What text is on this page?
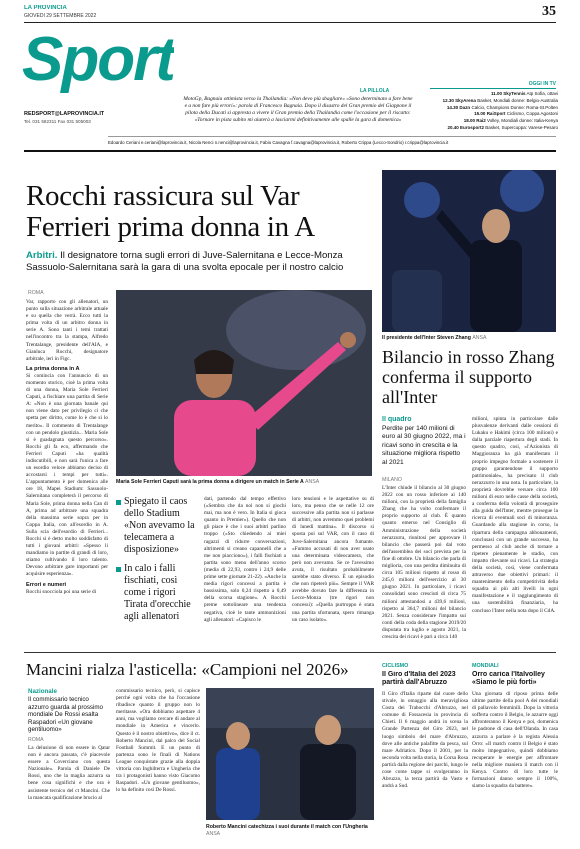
LA PROVINCIA
GIOVEDÌ 29 SETTEMBRE 2022	35
Sport
REDSPORT@LAPROVINCIA.IT
Tel. 031 582311 Fax 031 505003
LA PILLOLA
MotoGp, Bagnaia ottimista verso la Thailandia: «Non devo più sbagliare» «Sono determinato a fare bene e a non fare più errori»: parola di Francesco Bagnaia. Dopo il disastro del Gran premio del Giappone il pilota della Ducati si appresta a vivere il Gran premio della Thailandia come l'occasione per il riscatto: «Tornare in pista subito mi aiuterà a lasciarmi definitivamente alle spalle la gara di domenica»
Edoardo Ceriani e.ceriani@laprovincia.it, Nicola Nenci n.nenci@laprovincia.it, Fabio Cavagna f.cavagna@laprovincia.it, Roberto Crippa (Lecco-Sondrio) r.crippa@laprovincia.it
OGGI IN TV
11.00 SkyTennis Atp Sofia, ottavi
12.30 SkyArena Basket, Mondiali donne: Belgio-Australia
14.30 Dazn Calcio, Champions Donne: Roma-St.Polten
15.00 RaiSport Ciclismo, Coppa Agostoni
18.00 Rai2 Volley, Mondiali donne: Italia-Kenya
20.40 Eurosport2 Basket, Supercoppa: Varese-Pesaro
Rocchi rassicura sul Var Ferrieri prima donna in A
Arbitri. Il designatore torna sugli errori di Juve-Salernitana e Lecce-Monza Sassuolo-Salernitana sarà la gara di una svolta epocale per il nostro calcio
ROMA

Var, rapporto con gli allenatori, un punto sulla situazione arbitrale attuale e su quella che verrà. Ecco tutti la prima volta di un arbitro donna in serie A. Sono tanti i temi trattati nell'incontro tra la stampa, Alfredo Trentalange, presidente dell'AIA, e Gianluca Rocchi, designatore arbitrale, ieri in Figc.

La prima donna in A

Si comincia con l'annuncio di un momento storico, cioè la prima volta di una donna, Maria Sole Ferrieri Caputi, a fischiare una partita di Serie A: «Non è una giornata banale qui non viene dato per privilegio ci che spetta per diritto, come lo è che si lo merito». Il commento di Trentalange con un pendolo giustizia... Maria Sole si è guadagnata questo percorso». Rocchi gli fa eco, affermando che Ferrieri Caputi «ha qualità indiscutibili, e non sarà l'unica a fare un esordio veloce abbiamo deciso di accostarsi i tempi per tutti». L'appuntamento è per domenica alle ore 18, Mapei Stadium: Sassuolo-Salernitana completerà il percorso di Maria Sole, prima donna nella Can di A, prima ad arbitrare una squadra della massima serie sopra per in Coppa Italia, con all'esordio in A. Sulla scia dell'esordio di Ferrieri... Rocchi si è detto molto soddisfatto di tutti i giovani arbitri: «Spesso li mandiamo in partite di grandi di loro, stiamo cultivando il loro talento. Devono arbitrare gare importanti per acquisire esperienza».

Errori e numeri

Rocchi snocciola poi una serie di

Maria Sole Ferrieri Caputi sarà la prima donna a dirigere un match in Serie A ANSA
Spiegato il caos dello Stadium «Non avevamo la telecamera a disposizione»
In calo i falli fischiati, così come i rigori Tirata d'orecchie agli allenatori
dati, partendo dal tempo effettivo («Sembra che da noi non si giochi mai, ma non è vero. In Italia si gioca quanto in Premier»). Quello che non gli piace è che i suoi arbitri parlino troppo («Sto chiedendo ai miei ragazzi di ridurre conversazioni, altrimenti si creano capannelli che a me non piacciono»), i falli fischiati a partita sono meno dell'anno scorso (media di 22,93, contro i 24,9 delle prime sette giornate 21-22). «Anche la media rigori concessi a partita è bassissima, solo 0,24 rispetto a 0,49 della scorsa stagione». A Rocchi preme sottolineare una tendenza negativa, cioè le tante ammonizioni agli allenatori: «Capisco le
loro tensioni e le aspettative su di loro, ma penso che se nelle 12 ore successive alla partita non si parlasse di arbitri, non avremmo quei problemi di lunedì mattina». Il discorso si sposta poi sul VAR, con il caso di Juve-Salernitana ancora fumante. «Fummo accusati di non aver usato una determinata videocamera, che però non avevamo. Se ce l'avessimo avuta, il risultato probabilmente sarebbe stato diverso. È un episodio che non ripeterò più». Sempre il VAR avrebbe dovuto fare la differenza in Lecce-Monza (tre rigori non concessi): «Quella purtroppo è stata una partita sfortunata, spero rimanga un caso isolato».
Il presidente dell'Inter Steven Zhang ANSA
Bilancio in rosso Zhang conferma il supporto all'Inter
Il quadro
Perdite per 140 milioni di euro al 30 giugno 2022, ma i ricavi sono in crescita e la situazione migliora rispetto al 2021
MILANO
L'Inter chiude il bilancio al 30 giugno 2022 con un rosso inferiore ai 140 milioni, con la proprietà della famiglia Zhang che ha volto confermare il proprio supporto al club. È quanto quanto emerso nel Consiglio di Amministrazione della società nerazzurra, riunitosi per approvare il bilancio che passerà poi dal voto dell'assemblea dei soci prevista per la fine di ottobre. Un bilancio che parla di miglioria, con una perdita diminuita di circa 105 milioni rispetto al rosso di 245,6 milioni dell'esercizio al 30 giugno 2021. In particolare, i ricavi consolidati sono cresciuti di circa 75 milioni attestandosi a 439,6 milioni, rispetto ai 364,7 milioni del bilancio 2021. Senza considerare l'impatto sui conti della coda della stagione 2019/20 disputata tra luglio e agosto 2021, la crescita dei ricavi è pari a circa 140
milioni, spinta in particolare dalle plusvalenze derivanti dalle cessioni di Lukaku e Hakimi (circa 100 milioni) e dalla parziale riapertura degli stadi. In questo quadro, così, «l'Azionista di Maggioranza ha già manifestato il proprio impegno formale a sostenere il gruppo garantendone il supporto patrimoniale», ha precisato il club nerazzurro in una nota. In particolare, la proprietà dovrebbe versare circa 100 milioni di euro nelle casse della società, a conferma della volontà di proseguire alla guida dell'Inter, mentre prosegue la ricerca di eventuali soci di minoranza. Guardando alla stagione in corso, la ripartura della campagna abbonamenti, conclusasi con un grande successo, ha permesso al club anche di tornare a ripetere pienamente le stadio, con impatto rilevante sui ricavi. La strategia della società, così, viene confermata attraverso due obiettivi primari: il mantenimento della competitività della squadra ai più alti livelli in ogni manifestazione e il raggiungimento di una sostenibilità finanziaria, ha concluso l'Inter nella nota dopo il CdA.
Mancini rialza l'asticella: «Campioni nel 2026»
Nazionale
Il commissario tecnico azzurro guarda al prossimo mondiale De Rossi esalta Raspadori «Un giovane gentiluomo»
ROMA
La delusione di non essere in Qatar non è ancora passata, c'è piacevole essere a Coverciano con questa Nazionale». Parola di Daniele De Rossi, uno che la maglia azzurra sa bene cosa significhi e che ora è assistente tecnico del ct Mancini. Che la mancata qualificazione brucio al
commissario tecnico, però, si capisce perché ogni volta che ha l'occasione ribadisce quanto il gruppo non lo meritasse. «Ora dobbiamo aspettare 4 anni, ma vogliamo cercare di andare al mondiale in America e vincerlo. Questo è il nostro obiettivo», dice il ct. Roberto Mancini, dal palco del Social Football Summit. E un punto di partenza sono le finali di Nations League conquistate grazie alla doppia vittoria con Inghilterra e Ungheria che tra i protagonisti hanno visto Giacomo Raspadori. «Un giovane gentiluomo», lo ha definito così De Rossi.
Roberto Mancini catechizza i suoi durante il match con l'Ungheria ANSA
CICLISMO
Il Giro d'Italia del 2023 partirà dall'Abruzzo
Il Giro d'Italia riparte dal cuore dello stivale, in omaggio alla meravigliosa Costa dei Trabocchi d'Abruzzo, nel comune di Fossacesia in provincia di Chieti. Il 6 maggio andrà in scena la Grande Partenza del Giro 2023, nel luogo simbolo del mare d'Abruzzo, dove alle antiche palafitte da pesca, sul mare Adriatico. Dopo il 2001, per la seconda volta nella storia, la Corsa Rosa partirà dalla regione dei parchi, lungo le cose come tappe si svolgeranno in Abruzzo, la terza partirà da Vasto e andrà a Sud.
MONDIALI
Orro carica l'Italvolley «Siamo le più forti»
Una giornata di riposo prima delle ultime partite della pool A dei mondiali di pallavolo femminili. Dopo la vittoria sofferta contro il Belgio, le azzurre oggi affronteranno il Kenya e poi, domenica le padrone di casa dell'Olanda. In casa azzurra a parlare è la regista Alessia Orro: «Il match contro il Belgio è stato molto impegnativo, quindi dobbiamo recuperare le energie per affrontare nella migliore maniera il match con il Kenya. Contro di loro tutte le formazioni danno sempre il 100%, siamo la squadra da battere».
